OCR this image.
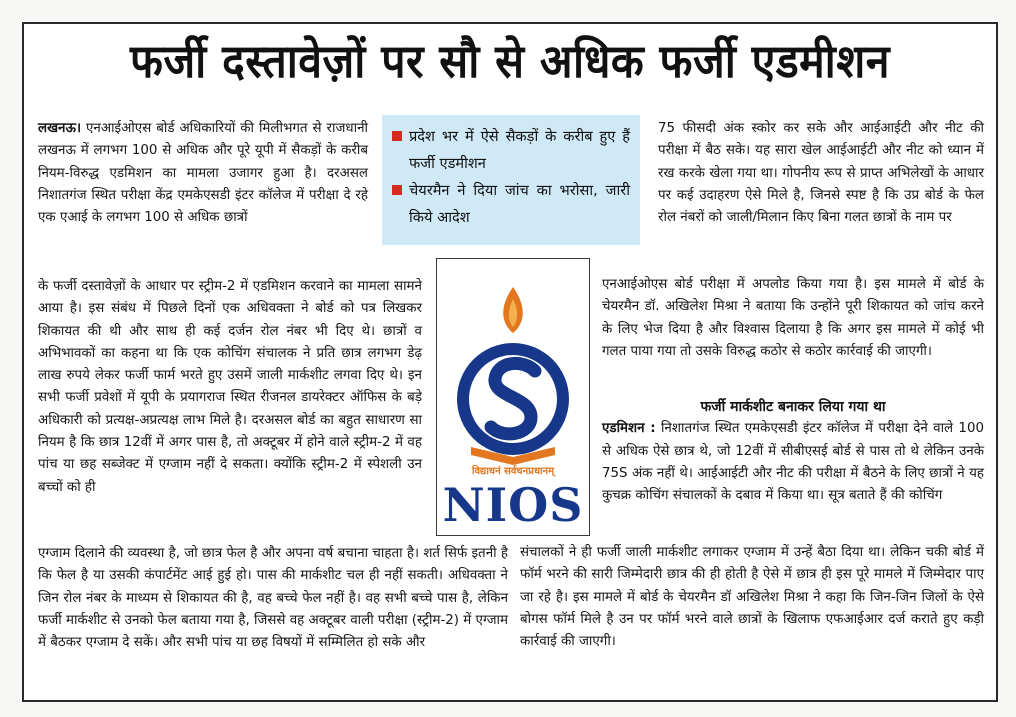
फर्जी दस्तावेज़ों पर सौ से अधिक फर्जी एडमीशन

लखनऊ। एनआईओएस बोर्ड अधिकारियों की मिलीभगत से राजधानी लखनऊ में लगभग 100 से अधिक और पूरे यूपी में सैकड़ों के करीब नियम-विरुद्ध एडमिशन का मामला उजागर हुआ है। दरअसल निशातगंज स्थित परीक्षा केंद्र एमकेएसडी इंटर कॉलेज में परीक्षा दे रहे एक एआई के लगभग 100 से अधिक छात्रों

के फर्जी दस्तावेज़ों के आधार पर स्ट्रीम-2 में एडमिशन करवाने का मामला सामने आया है। इस संबंध में पिछले दिनों एक अधिवक्ता ने बोर्ड को पत्र लिखकर शिकायत की थी और साथ ही कई दर्जन रोल नंबर भी दिए थे। छात्रों व अभिभावकों का कहना था कि एक कोचिंग संचालक ने प्रति छात्र लगभग डेढ़ लाख रुपये लेकर फर्जी फार्म भरते हुए उसमें जाली मार्कशीट लगवा दिए थे। इन सभी फर्जी प्रवेशों में यूपी के प्रयागराज स्थित रीजनल डायरेक्टर ऑफिस के बड़े अधिकारी को प्रत्यक्ष-अप्रत्यक्ष लाभ मिले है। दरअसल बोर्ड का बहुत साधारण सा नियम है कि छात्र 12वीं में अगर पास है, तो अक्टूबर में होने वाले स्ट्रीम-2 में वह पांच या छह सब्जेक्ट में एग्जाम नहीं दे सकता। क्योंकि स्ट्रीम-2 में स्पेशली उन बच्चों को ही

एग्जाम दिलाने की व्यवस्था है, जो छात्र फेल है और अपना वर्ष बचाना चाहता है। शर्त सिर्फ इतनी है कि फेल है या उसकी कंपार्टमेंट आई हुई हो। पास की मार्कशीट चल ही नहीं सकती। अधिवक्ता ने जिन रोल नंबर के माध्यम से शिकायत की है, वह बच्चे फेल नहीं है। वह सभी बच्चे पास है, लेकिन फर्जी मार्कशीट से उनको फेल बताया गया है, जिससे वह अक्टूबर वाली परीक्षा (स्ट्रीम-2) में एग्जाम में बैठकर एग्जाम दे सकें। और सभी पांच या छह विषयों में सम्मिलित हो सके और

प्रदेश भर में ऐसे सैकड़ों के करीब हुए हैं फर्जी एडमीशन
चेयरमैन ने दिया जांच का भरोसा, जारी किये आदेश
विद्याधनं सर्वधनप्रधानम्
NIOS

75 फीसदी अंक स्कोर कर सके और आईआईटी और नीट की परीक्षा में बैठ सके। यह सारा खेल आईआईटी और नीट को ध्यान में रख करके खेला गया था। गोपनीय रूप से प्राप्त अभिलेखों के आधार पर कई उदाहरण ऐसे मिले है, जिनसे स्पष्ट है कि उप्र बोर्ड के फेल रोल नंबरों को जाली/मिलान किए बिना गलत छात्रों के नाम पर

एनआईओएस बोर्ड परीक्षा में अपलोड किया गया है। इस मामले में बोर्ड के चेयरमैन डॉ. अखिलेश मिश्रा ने बताया कि उन्होंने पूरी शिकायत को जांच करने के लिए भेज दिया है और विश्वास दिलाया है कि अगर इस मामले में कोई भी गलत पाया गया तो उसके विरुद्ध कठोर से कठोर कार्रवाई की जाएगी।

फर्जी मार्कशीट बनाकर लिया गया था
एडमिशन : निशातगंज स्थित एमकेएसडी इंटर कॉलेज में परीक्षा देने वाले 100 से अधिक ऐसे छात्र थे, जो 12वीं में सीबीएसई बोर्ड से पास तो थे लेकिन उनके 75S अंक नहीं थे। आईआईटी और नीट की परीक्षा में बैठने के लिए छात्रों ने यह कुचक्र कोचिंग संचालकों के दबाव में किया था। सूत्र बताते हैं की कोचिंग

संचालकों ने ही फर्जी जाली मार्कशीट लगाकर एग्जाम में उन्हें बैठा दिया था। लेकिन चकी बोर्ड में फॉर्म भरने की सारी जिम्मेदारी छात्र की ही होती है ऐसे में छात्र ही इस पूरे मामले में जिम्मेदार पाए जा रहे है। इस मामले में बोर्ड के चेयरमैन डॉ अखिलेश मिश्रा ने कहा कि जिन-जिन जिलों के ऐसे बोगस फॉर्म मिले है उन पर फॉर्म भरने वाले छात्रों के खिलाफ एफआईआर दर्ज कराते हुए कड़ी कार्रवाई की जाएगी।
